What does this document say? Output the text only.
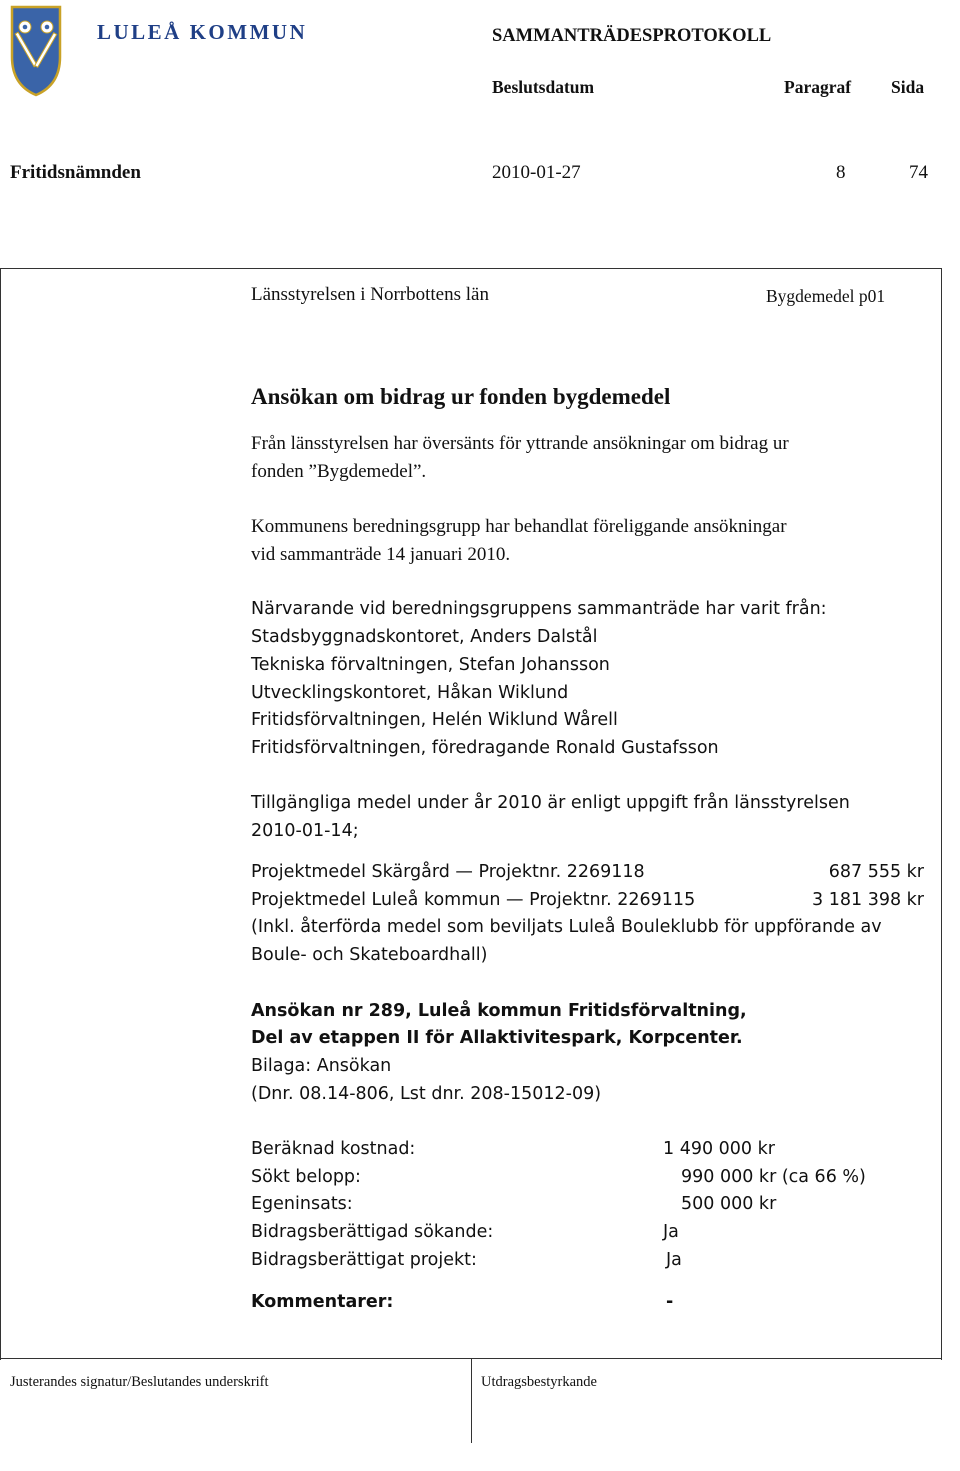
LULEÅ KOMMUN	SAMMANTRÄDESPROTOKOLL
Beslutsdatum	Paragraf Sida
Fritidsnämnden	2010-01-27	8	74
Länsstyrelsen i Norrbottens län	Bygdemedel p01
Ansökan om bidrag ur fonden bygdemedel
Från länsstyrelsen har översänts för yttrande ansökningar om bidrag ur
fonden ”Bygdemedel”.
Kommunens beredningsgrupp har behandlat föreliggande ansökningar
vid sammanträde 14 januari 2010.
Närvarande vid beredningsgruppens sammanträde har varit från:
Stadsbyggnadskontoret, Anders Dalstål
Tekniska förvaltningen, Stefan Johansson
Utvecklingskontoret, Håkan Wiklund
Fritidsförvaltningen, Helén Wiklund Wårell
Fritidsförvaltningen, föredragande Ronald Gustafsson
Tillgängliga medel under år 2010 är enligt uppgift från länsstyrelsen
2010-01-14;
Projektmedel Skärgård — Projektnr. 2269118	687 555 kr
Projektmedel Luleå kommun — Projektnr. 2269115	3 181 398 kr
(Inkl. återförda medel som beviljats Luleå Bouleklubb för uppförande av
Boule- och Skateboardhall)
Ansökan nr 289, Luleå kommun Fritidsförvaltning,
Del av etappen II för Allaktivitespark, Korpcenter.
Bilaga: Ansökan
(Dnr. 08.14-806, Lst dnr. 208-15012-09)
Beräknad kostnad:	1 490 000 kr
Sökt belopp:	990 000 kr (ca 66 %)
Egeninsats:	500 000 kr
Bidragsberättigad sökande:	Ja
Bidragsberättigat projekt:	Ja
Kommentarer:	-
Justerandes signatur/Beslutandes underskrift	Utdragsbestyrkande
